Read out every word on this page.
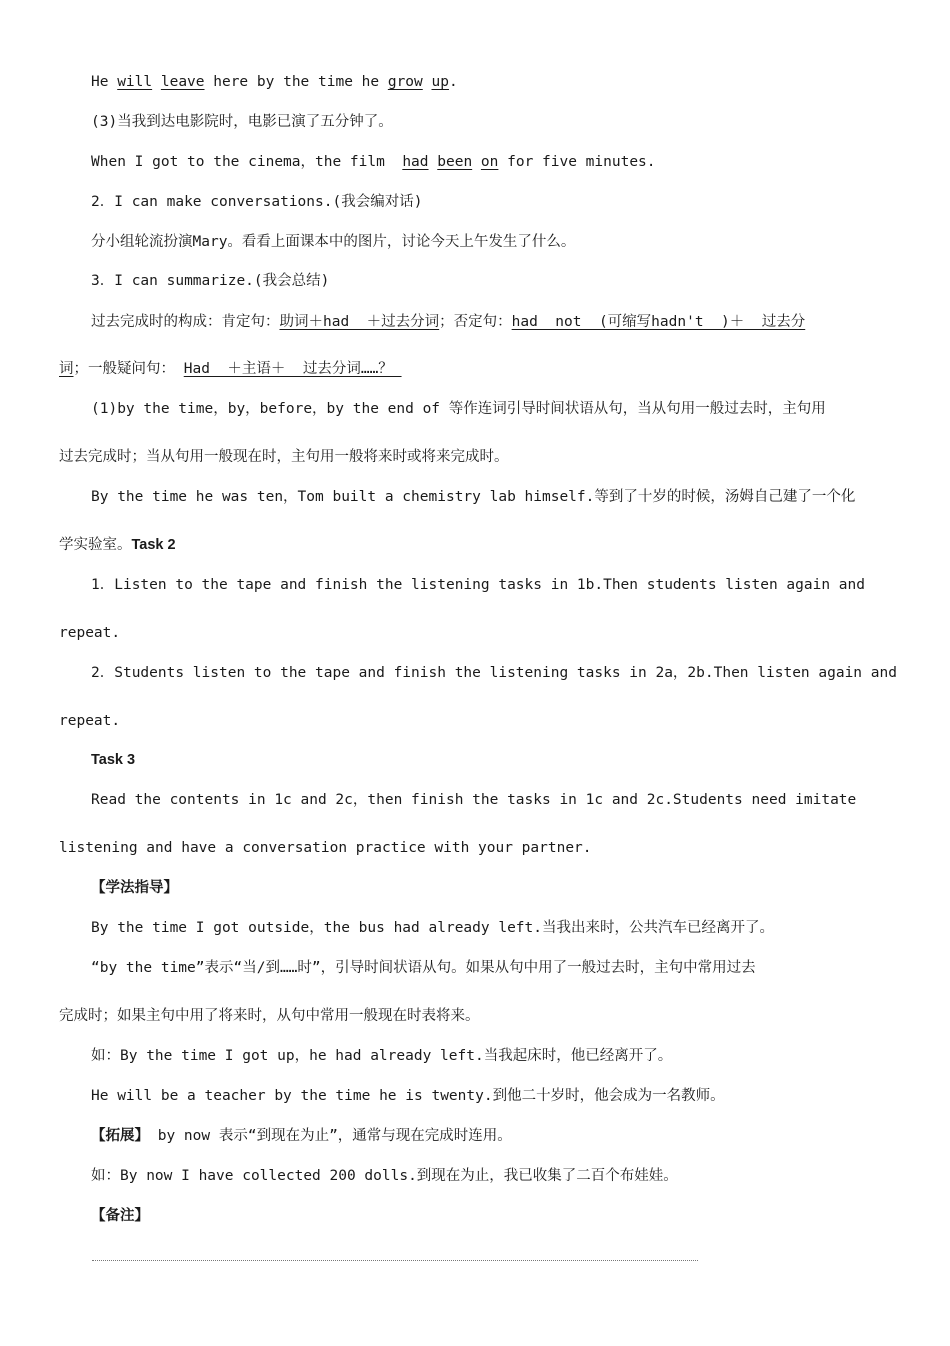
He will leave here by the time he grow up.
(3)当我到达电影院时，电影已演了五分钟了。
When I got to the cinema，the film  had been on for five minutes.
2．I can make conversations.(我会编对话)
分小组轮流扮演Mary。看看上面课本中的图片，讨论今天上午发生了什么。
3．I can summarize.(我会总结)
过去完成时的构成：肯定句：助词＋had  ＋过去分词；否定句：had  not  (可缩写hadn't  )＋  过去分
词；一般疑问句： Had  ＋主语＋  过去分词……？
(1)by the time，by，before，by the end of 等作连词引导时间状语从句，当从句用一般过去时，主句用
过去完成时；当从句用一般现在时，主句用一般将来时或将来完成时。
By the time he was ten，Tom built a chemistry lab himself.等到了十岁的时候，汤姆自己建了一个化
学实验室。Task 2
1．Listen to the tape and finish the listening tasks in 1b.Then students listen again and
repeat.
2．Students listen to the tape and finish the listening tasks in 2a，2b.Then listen again and
repeat.
Task 3
Read the contents in 1c and 2c，then finish the tasks in 1c and 2c.Students need imitate
listening and have a conversation practice with your partner.
【学法指导】
By the time I got outside，the bus had already left.当我出来时，公共汽车已经离开了。
“by the time”表示“当/到……时”，引导时间状语从句。如果从句中用了一般过去时，主句中常用过去
完成时；如果主句中用了将来时，从句中常用一般现在时表将来。
如：By the time I got up，he had already left.当我起床时，他已经离开了。
He will be a teacher by the time he is twenty.到他二十岁时，他会成为一名教师。
【拓展】 by now 表示“到现在为止”，通常与现在完成时连用。
如：By now I have collected 200 dolls.到现在为止，我已收集了二百个布娃娃。
【备注】
